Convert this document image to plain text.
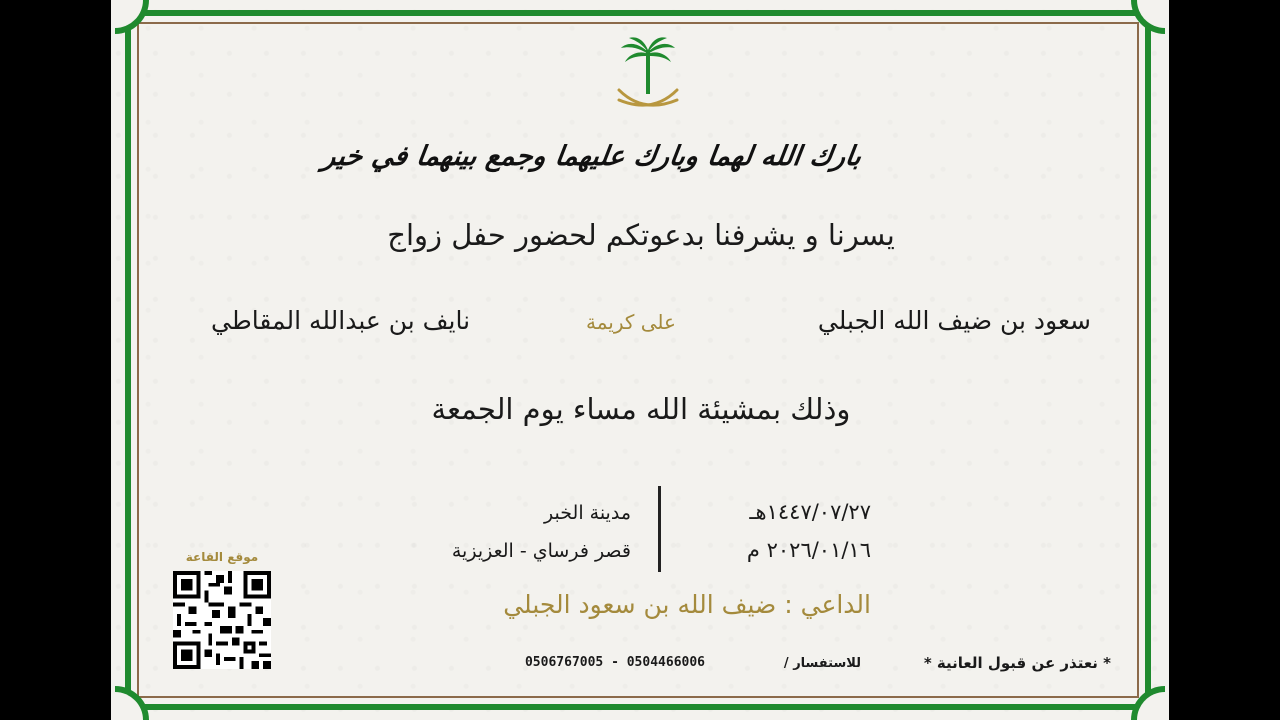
بارك الله لهما وبارك عليهما وجمع بينهما في خير
يسرنا و يشرفنا بدعوتكم لحضور حفل زواج
سعود بن ضيف الله الجبلي
على كريمة
نايف بن عبدالله المقاطي
وذلك بمشيئة الله مساء يوم الجمعة
١٤٤٧/٠٧/٢٧هـ
٢٠٢٦/٠١/١٦ م
مدينة الخبر
قصر فرساي - العزيزية
الداعي : ضيف الله بن سعود الجبلي
موقع القاعة
* نعتذر عن قبول العانية *
للاستفسار /
0506767005 - 0504466006
